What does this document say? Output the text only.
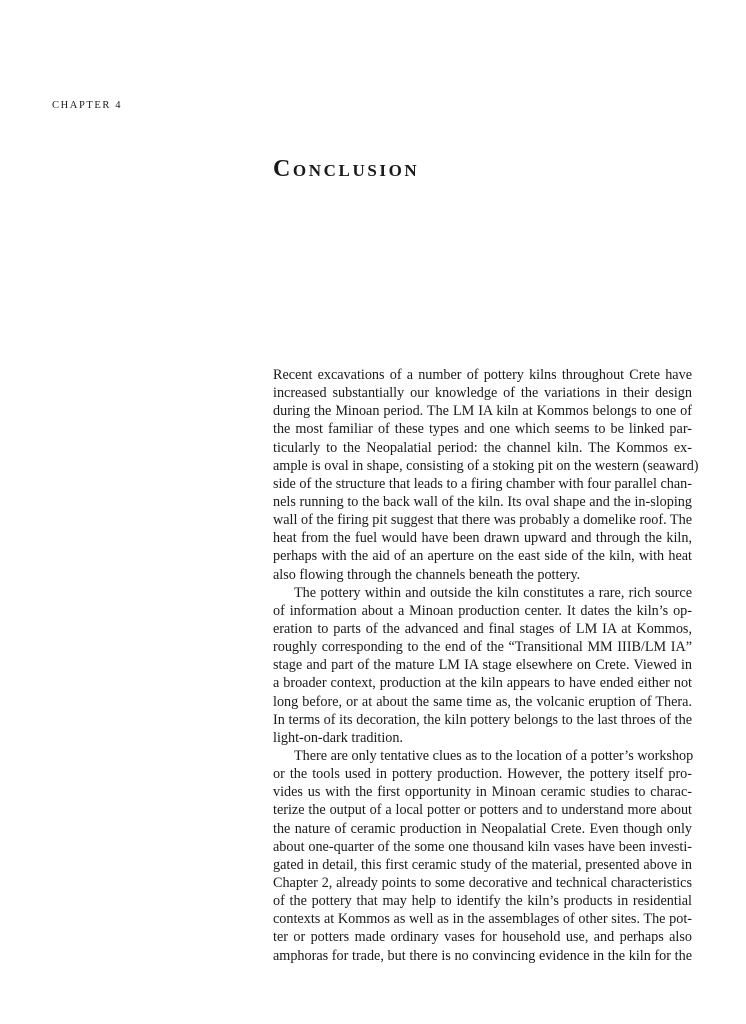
CHAPTER 4
Conclusion
Recent excavations of a number of pottery kilns throughout Crete have
increased substantially our knowledge of the variations in their design
during the Minoan period. The LM IA kiln at Kommos belongs to one of
the most familiar of these types and one which seems to be linked par-
ticularly to the Neopalatial period: the channel kiln. The Kommos ex-
ample is oval in shape, consisting of a stoking pit on the western (seaward)
side of the structure that leads to a firing chamber with four parallel chan-
nels running to the back wall of the kiln. Its oval shape and the in-sloping
wall of the firing pit suggest that there was probably a domelike roof. The
heat from the fuel would have been drawn upward and through the kiln,
perhaps with the aid of an aperture on the east side of the kiln, with heat
also flowing through the channels beneath the pottery.
The pottery within and outside the kiln constitutes a rare, rich source
of information about a Minoan production center. It dates the kiln’s op-
eration to parts of the advanced and final stages of LM IA at Kommos,
roughly corresponding to the end of the “Transitional MM IIIB/LM IA”
stage and part of the mature LM IA stage elsewhere on Crete. Viewed in
a broader context, production at the kiln appears to have ended either not
long before, or at about the same time as, the volcanic eruption of Thera.
In terms of its decoration, the kiln pottery belongs to the last throes of the
light-on-dark tradition.
There are only tentative clues as to the location of a potter’s workshop
or the tools used in pottery production. However, the pottery itself pro-
vides us with the first opportunity in Minoan ceramic studies to charac-
terize the output of a local potter or potters and to understand more about
the nature of ceramic production in Neopalatial Crete. Even though only
about one-quarter of the some one thousand kiln vases have been investi-
gated in detail, this first ceramic study of the material, presented above in
Chapter 2, already points to some decorative and technical characteristics
of the pottery that may help to identify the kiln’s products in residential
contexts at Kommos as well as in the assemblages of other sites. The pot-
ter or potters made ordinary vases for household use, and perhaps also
amphoras for trade, but there is no convincing evidence in the kiln for the
